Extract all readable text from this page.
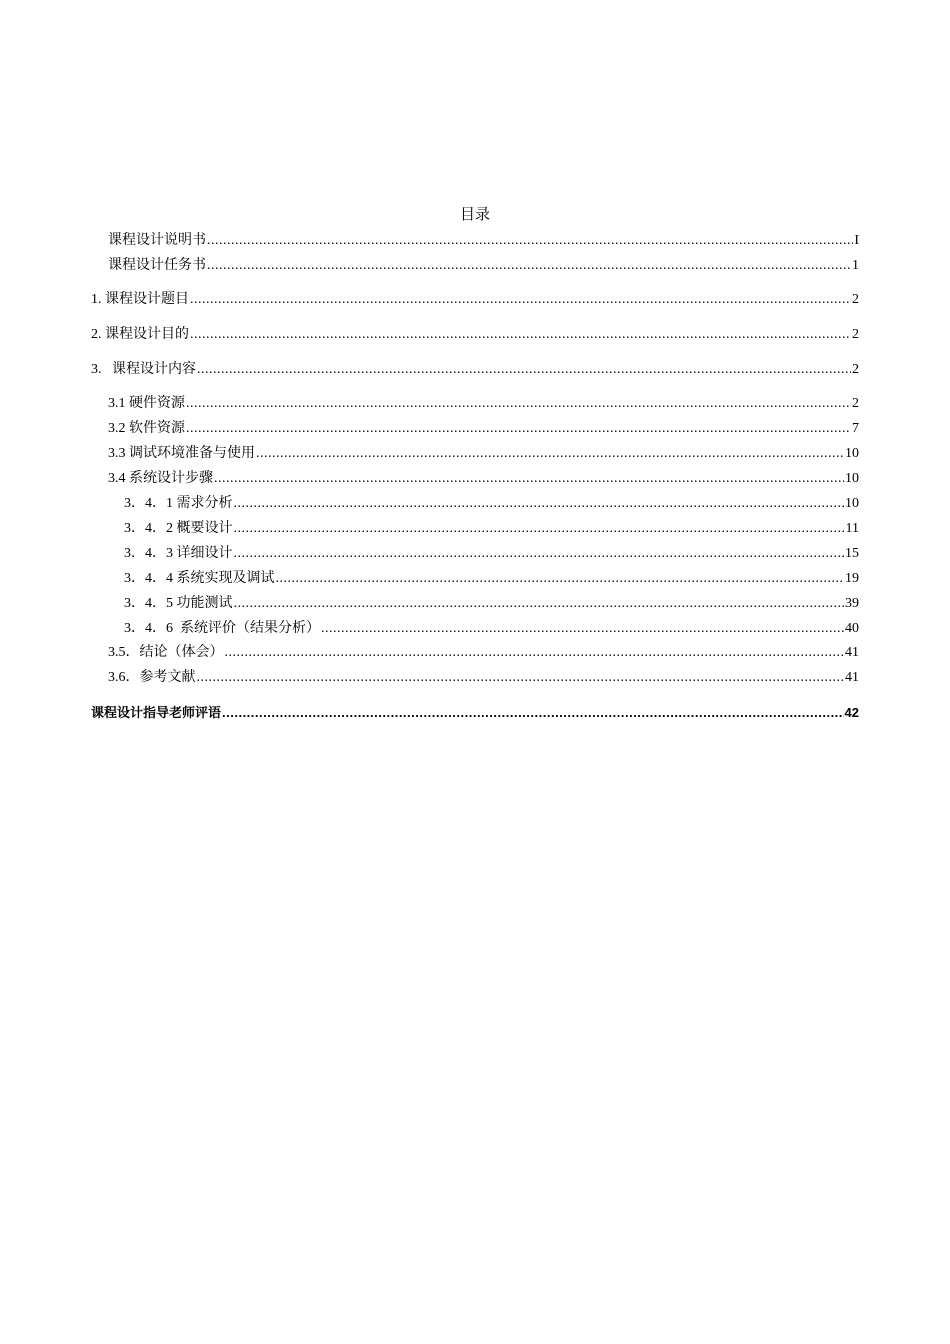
目录
课程设计说明书 .....	I
课程设计任务书 .....	1
1. 课程设计题目 .....	2
2. 课程设计目的 .....	2
3.   课程设计内容 .....	2
3.1 硬件资源 .....	2
3.2 软件资源 .....	7
3.3 调试环境准备与使用 .....	10
3.4 系统设计步骤 .....	10
3．4．1 需求分析 .....	10
3．4．2 概要设计 .....	11
3．4．3 详细设计 .....	15
3．4．4 系统实现及调试 .....	19
3．4．5 功能测试 .....	39
3．4．6  系统评价（结果分析） .....	40
3.5．结论（体会） .....	41
3.6．参考文献 .....	41
课程设计指导老师评语 .....	42
